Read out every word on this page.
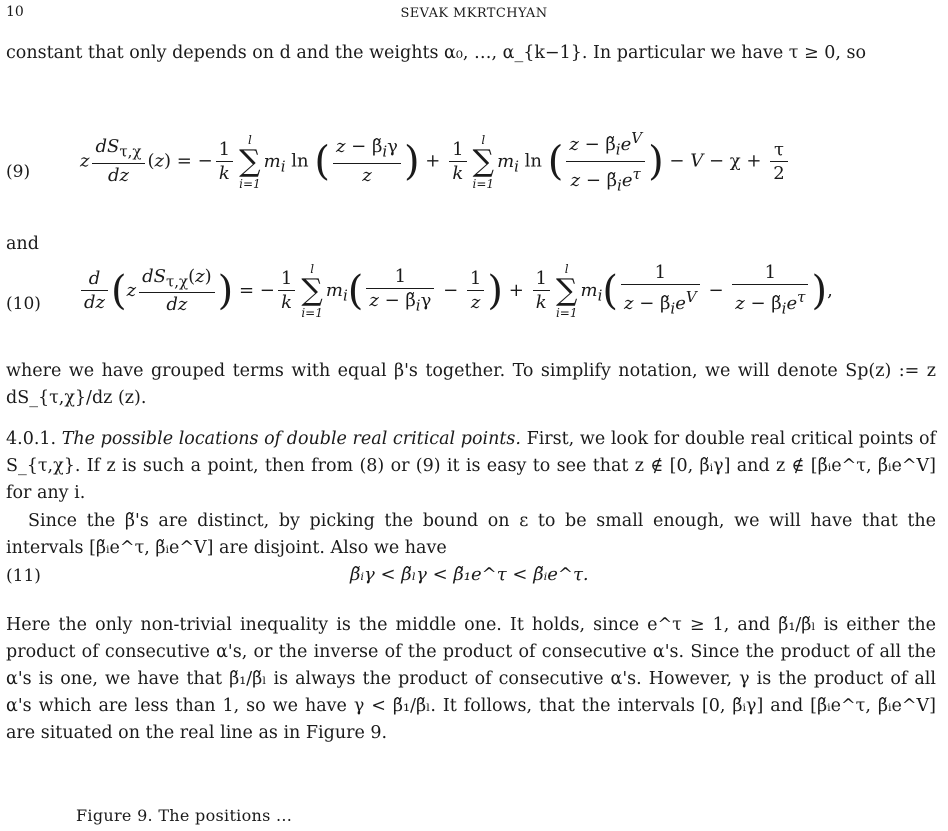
10	SEVAK MKRTCHYAN

constant that only depends on d and the weights α₀, …, α_{k−1}. In particular we have τ ≥ 0, so

(9)
z $\frac{dS_{\tau,\chi}}{dz} (z)$ = − $\frac{1}{k}$	l
∑
i=1
$m_i$ ln ( $\frac{z - \betã_i\gamma}{z}$ ) + $\frac{1}{k}$	l
∑
i=1
$m_i$ ln ( $\frac{z - \betã_ie^V}{z - \betã_ie^\tau}$ ) − $V - \chi + \frac{\tau}{2}$

and

$(10) \frac{d}{dz} (z \frac{dS_{\tau,\chi}(z)}{dz}$ ) = − $\frac{1}{k}$	l
∑
i=1
$m_i( \frac{1}{z - \betã_i\gamma} - \frac{1}{z}$ ) + $\frac{1}{k}$	l
∑
i=1
$m_i( \frac{1}{z - \betã_ie^V} - \frac{1}{z - \betã_ie^\tau}$ ),

where we have grouped terms with equal β's together. To simplify notation, we will denote Sp(z) := z dS_{τ,χ}/dz (z).

4.0.1. The possible locations of double real critical points. First, we look for double real critical points of S_{τ,χ}. If z is such a point, then from (8) or (9) it is easy to see that z ∉ [0, β̃ᵢγ] and z ∉ [β̃ᵢe^τ, β̃ᵢe^V] for any i.

Since the β̃'s are distinct, by picking the bound on ε to be small enough, we will have that the intervals [β̃ᵢe^τ, β̃ᵢe^V] are disjoint. Also we have

(11)	β̃ᵢγ < β̃ₗγ < β̃₁e^τ < β̃ᵢe^τ.

Here the only non-trivial inequality is the middle one. It holds, since e^τ ≥ 1, and β̃₁/β̃ₗ is either the product of consecutive α's, or the inverse of the product of consecutive α's. Since the product of all the α's is one, we have that β̃₁/β̃ₗ is always the product of consecutive α's. However, γ is the product of all α's which are less than 1, so we have γ < β̃₁/β̃ₗ. It follows, that the intervals [0, β̃ᵢγ] and [β̃ᵢe^τ, β̃ᵢe^V] are situated on the real line as in Figure 9.

Figure 9. The positions ...
